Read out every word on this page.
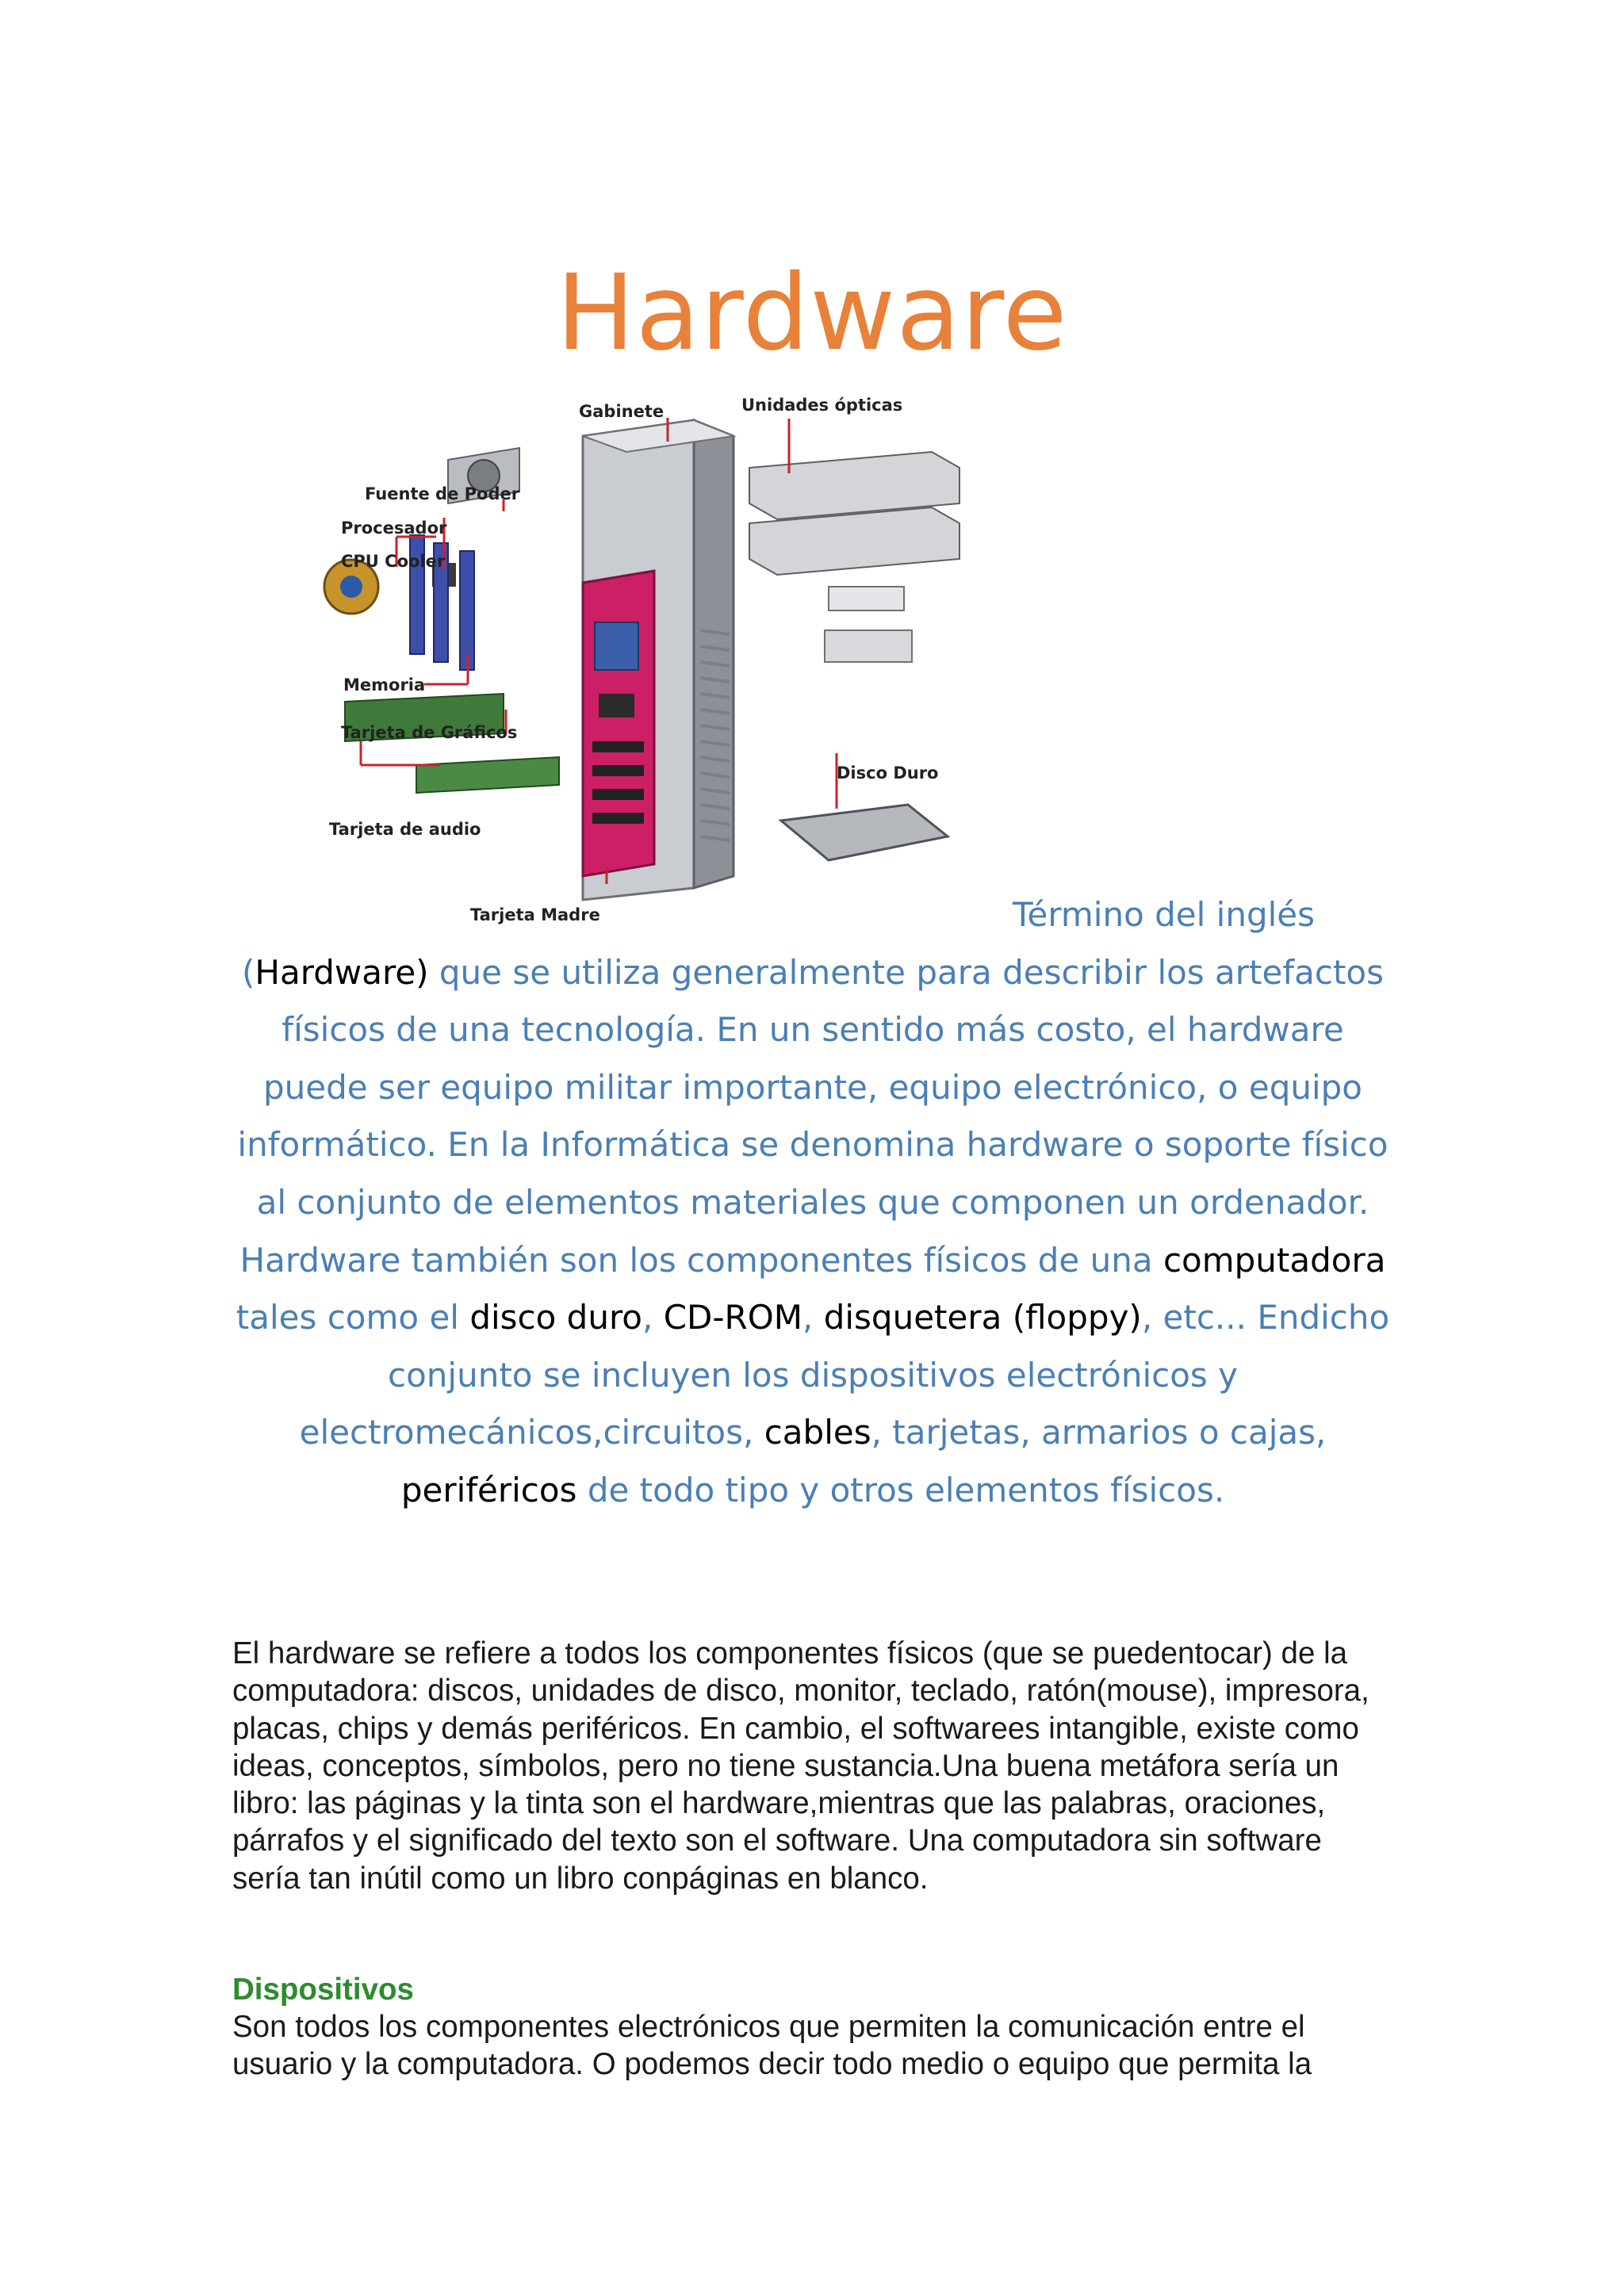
Hardware
Gabinete	Unidades ópticas
Fuente de Poder
Procesador
CPU Cooler
Memoria
Tarjeta de Gráficos
Disco Duro
Tarjeta de audio
Tarjeta Madre	Término del inglés
(Hardware) que se utiliza generalmente para describir los artefactos físicos de una tecnología. En un sentido más costo, el hardware puede ser equipo militar importante, equipo electrónico, o equipo informático. En la Informática se denomina hardware o soporte físico al conjunto de elementos materiales que componen un ordenador. Hardware también son los componentes físicos de una computadora tales como el disco duro, CD-ROM, disquetera (floppy), etc... Endicho conjunto se incluyen los dispositivos electrónicos y electromecánicos,circuitos, cables, tarjetas, armarios o cajas, periféricos de todo tipo y otros elementos físicos.

El hardware se refiere a todos los componentes físicos (que se puedentocar) de la computadora: discos, unidades de disco, monitor, teclado, ratón(mouse), impresora, placas, chips y demás periféricos. En cambio, el softwarees intangible, existe como ideas, conceptos, símbolos, pero no tiene sustancia.Una buena metáfora sería un libro: las páginas y la tinta son el hardware,mientras que las palabras, oraciones, párrafos y el significado del texto son el software. Una computadora sin software sería tan inútil como un libro conpáginas en blanco.

Dispositivos

Son todos los componentes electrónicos que permiten la comunicación entre el usuario y la computadora. O podemos decir todo medio o equipo que permita la
